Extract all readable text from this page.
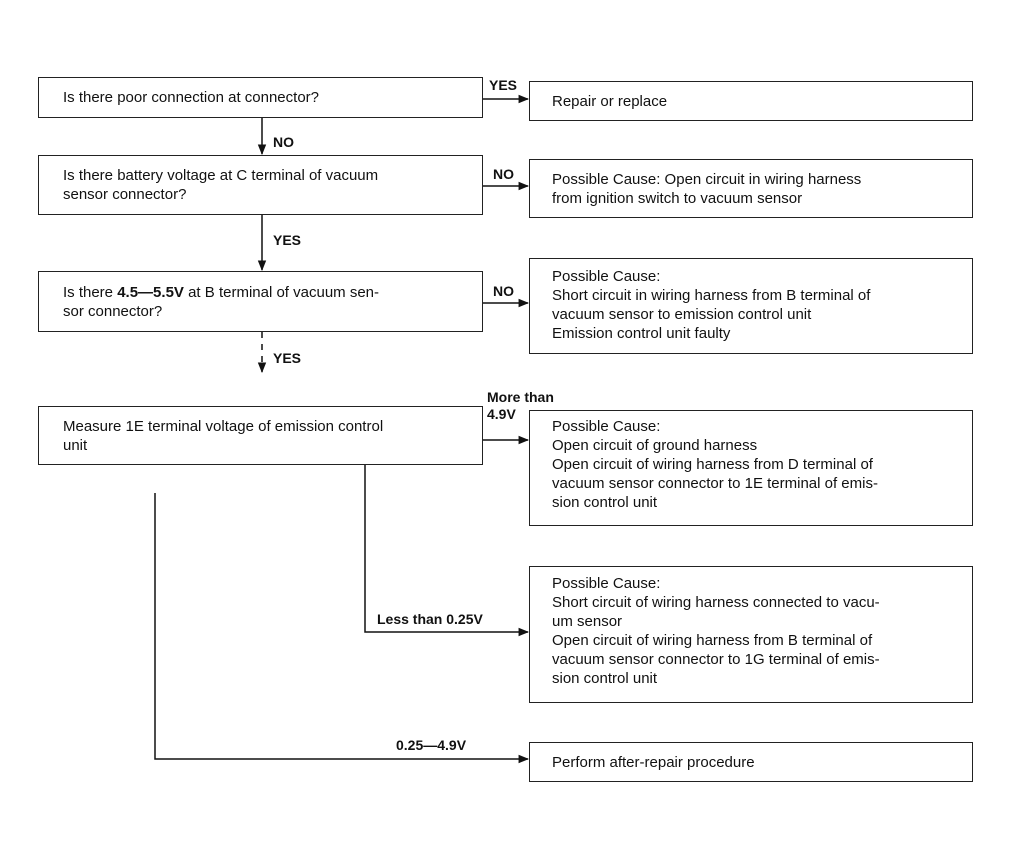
Is there poor connection at connector?
Is there battery voltage at C terminal of vacuum
sensor connector?
Is there 4.5—5.5V at B terminal of vacuum sen-
sor connector?
Measure 1E terminal voltage of emission control
unit
Repair or replace
Possible Cause: Open circuit in wiring harness
from ignition switch to vacuum sensor
Possible Cause:
Short circuit in wiring harness from B terminal of
vacuum sensor to emission control unit
Emission control unit faulty
Possible Cause:
Open circuit of ground harness
Open circuit of wiring harness from D terminal of
vacuum sensor connector to 1E terminal of emis-
sion control unit
Possible Cause:
Short circuit of wiring harness connected to vacu-
um sensor
Open circuit of wiring harness from B terminal of
vacuum sensor connector to 1G terminal of emis-
sion control unit
Perform after-repair procedure
YES
NO
NO
YES
NO
YES
More than
4.9V
Less than 0.25V
0.25—4.9V
